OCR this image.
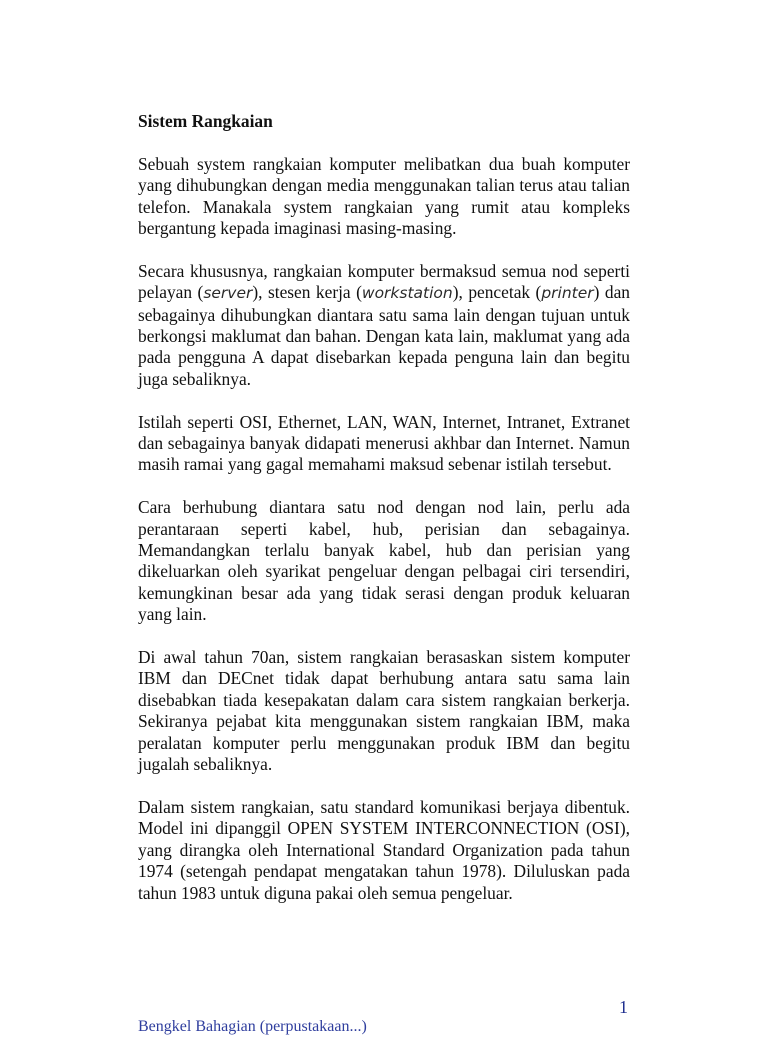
Sistem Rangkaian

Sebuah system rangkaian komputer melibatkan dua buah komputer yang dihubungkan dengan media menggunakan talian terus atau talian telefon. Manakala system rangkaian yang rumit atau kompleks bergantung kepada imaginasi masing-masing.

Secara khususnya, rangkaian komputer bermaksud semua nod seperti pelayan (server), stesen kerja (workstation), pencetak (printer) dan sebagainya dihubungkan diantara satu sama lain dengan tujuan untuk berkongsi maklumat dan bahan. Dengan kata lain, maklumat yang ada pada pengguna A dapat disebarkan kepada penguna lain dan begitu juga sebaliknya.

Istilah seperti OSI, Ethernet, LAN, WAN, Internet, Intranet, Extranet dan sebagainya banyak didapati menerusi akhbar dan Internet. Namun masih ramai yang gagal memahami maksud sebenar istilah tersebut.

Cara berhubung diantara satu nod dengan nod lain, perlu ada perantaraan seperti kabel, hub, perisian dan sebagainya. Memandangkan terlalu banyak kabel, hub dan perisian yang dikeluarkan oleh syarikat pengeluar dengan pelbagai ciri tersendiri, kemungkinan besar ada yang tidak serasi dengan produk keluaran yang lain.

Di awal tahun 70an, sistem rangkaian berasaskan sistem komputer IBM dan DECnet tidak dapat berhubung antara satu sama lain disebabkan tiada kesepakatan dalam cara sistem rangkaian berkerja. Sekiranya pejabat kita menggunakan sistem rangkaian IBM, maka peralatan komputer perlu menggunakan produk IBM dan begitu jugalah sebaliknya.

Dalam sistem rangkaian, satu standard komunikasi berjaya dibentuk. Model ini dipanggil OPEN SYSTEM INTERCONNECTION (OSI), yang dirangka oleh International Standard Organization pada tahun 1974 (setengah pendapat mengatakan tahun 1978). Diluluskan pada tahun 1983 untuk diguna pakai oleh semua pengeluar.

1
Bengkel Bahagian (perpustakaan...)
